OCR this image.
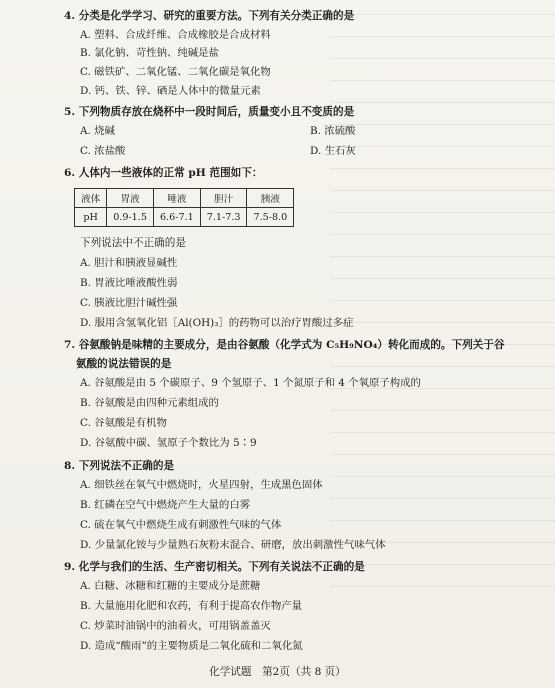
4. 分类是化学学习、研究的重要方法。下列有关分类正确的是
A. 塑料、合成纤维、合成橡胶是合成材料
B. 氯化钠、苛性钠、纯碱是盐
C. 磁铁矿、二氧化锰、二氧化碳是氧化物
D. 钙、铁、锌、硒是人体中的微量元素
5. 下列物质存放在烧杯中一段时间后，质量变小且不变质的是
A. 烧碱	B. 浓硫酸
C. 浓盐酸	D. 生石灰
6. 人体内一些液体的正常 pH 范围如下：
液体	胃液	唾液	胆汁	胰液
pH	0.9-1.5	6.6-7.1	7.1-7.3	7.5-8.0
下列说法中不正确的是
A. 胆汁和胰液显碱性
B. 胃液比唾液酸性弱
C. 胰液比胆汁碱性强
D. 服用含氢氧化铝［Al(OH)₃］的药物可以治疗胃酸过多症
7. 谷氨酸钠是味精的主要成分，是由谷氨酸（化学式为 C₅H₉NO₄）转化而成的。下列关于谷
氨酸的说法错误的是
A. 谷氨酸是由 5 个碳原子、9 个氢原子、1 个氮原子和 4 个氧原子构成的
B. 谷氨酸是由四种元素组成的
C. 谷氨酸是有机物
D. 谷氨酸中碳、氢原子个数比为 5∶9
8. 下列说法不正确的是
A. 细铁丝在氧气中燃烧时，火星四射，生成黑色固体
B. 红磷在空气中燃烧产生大量的白雾
C. 硫在氧气中燃烧生成有刺激性气味的气体
D. 少量氯化铵与少量熟石灰粉末混合、研磨，放出刺激性气味气体
9. 化学与我们的生活、生产密切相关。下列有关说法不正确的是
A. 白糖、冰糖和红糖的主要成分是蔗糖
B. 大量施用化肥和农药，有利于提高农作物产量
C. 炒菜时油锅中的油着火，可用锅盖盖灭
D. 造成“酸雨”的主要物质是二氧化硫和二氧化氮
化学试题　第2页（共 8 页）
